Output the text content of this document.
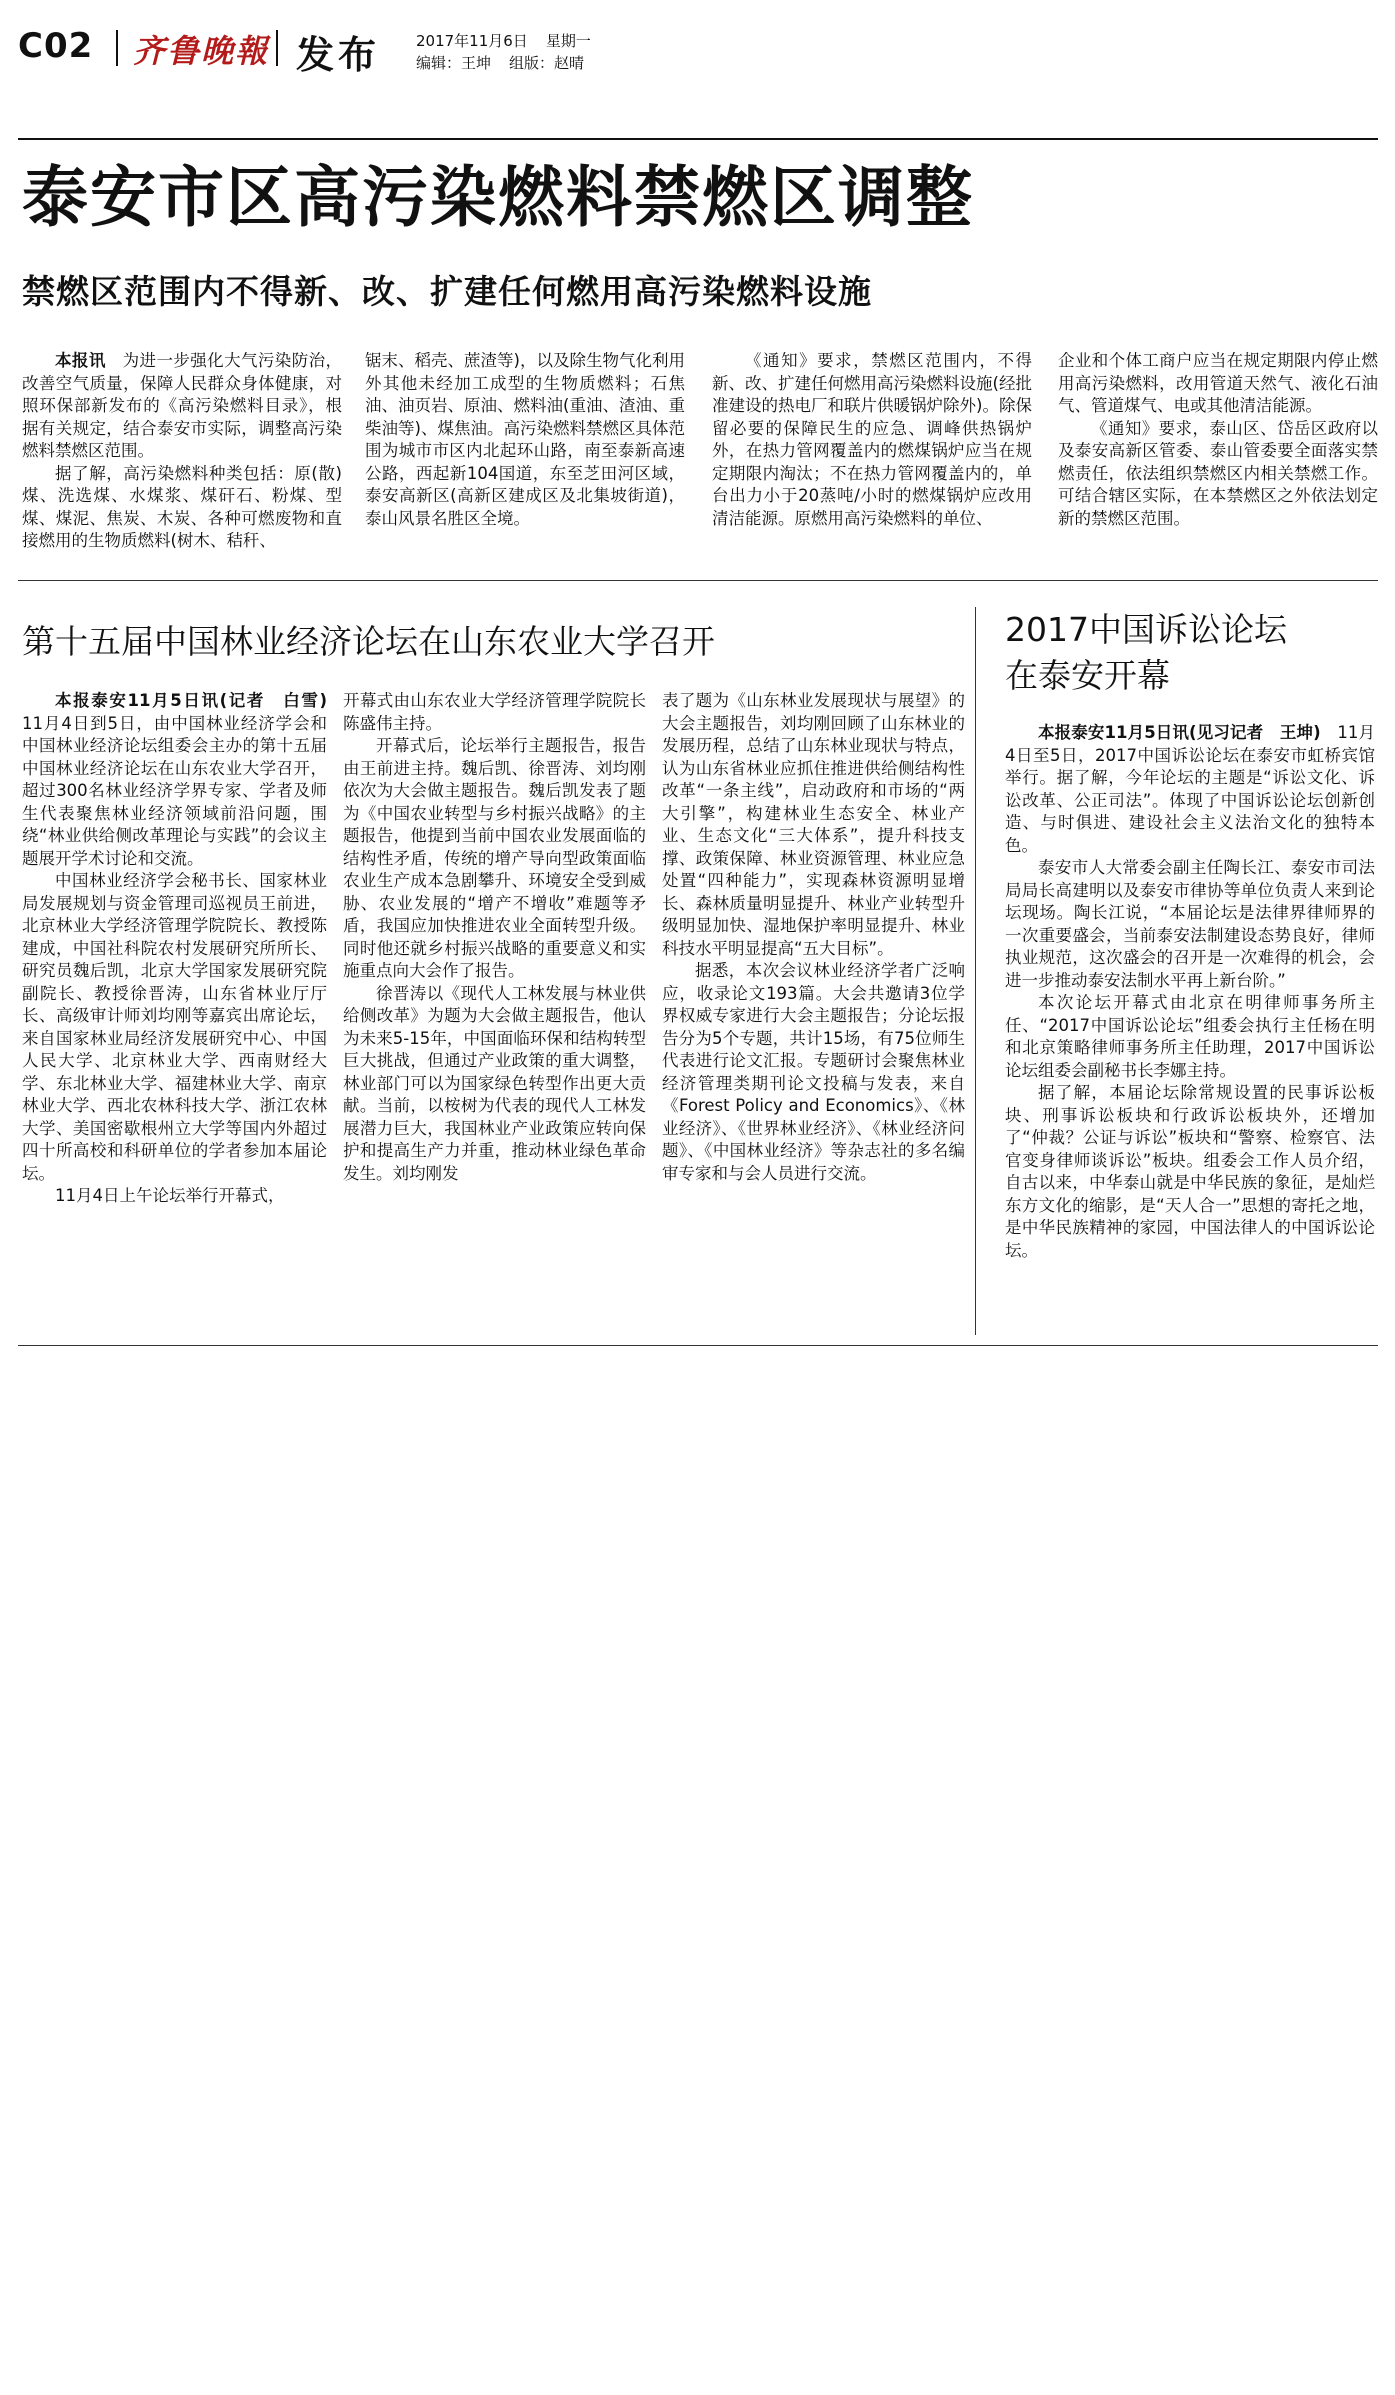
C02 齐鲁晚報 发布 2017年11月6日 星期一
编辑：王坤 组版：赵晴
泰安市区高污染燃料禁燃区调整
禁燃区范围内不得新、改、扩建任何燃用高污染燃料设施

本报讯　 为进一步强化大气污染防治，改善空气质量，保障人民群众身体健康，对照环保部新发布的《高污染燃料目录》，根据有关规定，结合泰安市实际，调整高污染燃料禁燃区范围。

据了解，高污染燃料种类包括：原(散)煤、洗选煤、水煤浆、煤矸石、粉煤、型煤、煤泥、焦炭、木炭、各种可燃废物和直接燃用的生物质燃料(树木、秸秆、

锯末、稻壳、蔗渣等)，以及除生物气化利用外其他未经加工成型的生物质燃料；石焦油、油页岩、原油、燃料油(重油、渣油、重柴油等)、煤焦油。高污染燃料禁燃区具体范围为城市市区内北起环山路，南至泰新高速公路，西起新104国道，东至芝田河区域，泰安高新区(高新区建成区及北集坡街道)，泰山风景名胜区全境。

《通知》要求，禁燃区范围内，不得新、改、扩建任何燃用高污染燃料设施(经批准建设的热电厂和联片供暖锅炉除外)。除保留必要的保障民生的应急、调峰供热锅炉外，在热力管网覆盖内的燃煤锅炉应当在规定期限内淘汰；不在热力管网覆盖内的，单台出力小于20蒸吨/小时的燃煤锅炉应改用清洁能源。原燃用高污染燃料的单位、

企业和个体工商户应当在规定期限内停止燃用高污染燃料，改用管道天然气、液化石油气、管道煤气、电或其他清洁能源。

《通知》要求，泰山区、岱岳区政府以及泰安高新区管委、泰山管委要全面落实禁燃责任，依法组织禁燃区内相关禁燃工作。可结合辖区实际，在本禁燃区之外依法划定新的禁燃区范围。

第十五届中国林业经济论坛在山东农业大学召开

本报泰安11月5日讯(记者　白雪)　11月4日到5日，由中国林业经济学会和中国林业经济论坛组委会主办的第十五届中国林业经济论坛在山东农业大学召开，超过300名林业经济学界专家、学者及师生代表聚焦林业经济领域前沿问题，围绕“林业供给侧改革理论与实践”的会议主题展开学术讨论和交流。

中国林业经济学会秘书长、国家林业局发展规划与资金管理司巡视员王前进，北京林业大学经济管理学院院长、教授陈建成，中国社科院农村发展研究所所长、研究员魏后凯，北京大学国家发展研究院副院长、教授徐晋涛，山东省林业厅厅长、高级审计师刘均刚等嘉宾出席论坛，来自国家林业局经济发展研究中心、中国人民大学、北京林业大学、西南财经大学、东北林业大学、福建林业大学、南京林业大学、西北农林科技大学、浙江农林大学、美国密歇根州立大学等国内外超过四十所高校和科研单位的学者参加本届论坛。

11月4日上午论坛举行开幕式，

开幕式由山东农业大学经济管理学院院长陈盛伟主持。

开幕式后，论坛举行主题报告，报告由王前进主持。魏后凯、徐晋涛、刘均刚依次为大会做主题报告。魏后凯发表了题为《中国农业转型与乡村振兴战略》的主题报告，他提到当前中国农业发展面临的结构性矛盾，传统的增产导向型政策面临农业生产成本急剧攀升、环境安全受到威胁、农业发展的“增产不增收”难题等矛盾，我国应加快推进农业全面转型升级。同时他还就乡村振兴战略的重要意义和实施重点向大会作了报告。

徐晋涛以《现代人工林发展与林业供给侧改革》为题为大会做主题报告，他认为未来5-15年，中国面临环保和结构转型巨大挑战，但通过产业政策的重大调整，林业部门可以为国家绿色转型作出更大贡献。当前，以桉树为代表的现代人工林发展潜力巨大，我国林业产业政策应转向保护和提高生产力并重，推动林业绿色革命发生。刘均刚发

表了题为《山东林业发展现状与展望》的大会主题报告，刘均刚回顾了山东林业的发展历程，总结了山东林业现状与特点，认为山东省林业应抓住推进供给侧结构性改革“一条主线”，启动政府和市场的“两大引擎”，构建林业生态安全、林业产业、生态文化“三大体系”，提升科技支撑、政策保障、林业资源管理、林业应急处置“四种能力”，实现森林资源明显增长、森林质量明显提升、林业产业转型升级明显加快、湿地保护率明显提升、林业科技水平明显提高“五大目标”。

据悉，本次会议林业经济学者广泛响应，收录论文193篇。大会共邀请3位学界权威专家进行大会主题报告；分论坛报告分为5个专题，共计15场，有75位师生代表进行论文汇报。专题研讨会聚焦林业经济管理类期刊论文投稿与发表，来自《Forest Policy and Economics》、《林业经济》、《世界林业经济》、《林业经济问题》、《中国林业经济》等杂志社的多名编审专家和与会人员进行交流。

2017中国诉讼论坛
在泰安开幕

本报泰安11月5日讯(见习记者　王坤)　 11月4日至5日，2017中国诉讼论坛在泰安市虹桥宾馆举行。据了解，今年论坛的主题是“诉讼文化、诉讼改革、公正司法”。体现了中国诉讼论坛创新创造、与时俱进、建设社会主义法治文化的独特本色。

泰安市人大常委会副主任陶长江、泰安市司法局局长高建明以及泰安市律协等单位负责人来到论坛现场。陶长江说，“本届论坛是法律界律师界的一次重要盛会，当前泰安法制建设态势良好，律师执业规范，这次盛会的召开是一次难得的机会，会进一步推动泰安法制水平再上新台阶。”

本次论坛开幕式由北京在明律师事务所主任、“2017中国诉讼论坛”组委会执行主任杨在明和北京策略律师事务所主任助理，2017中国诉讼论坛组委会副秘书长李娜主持。

据了解，本届论坛除常规设置的民事诉讼板块、刑事诉讼板块和行政诉讼板块外，还增加了“仲裁？公证与诉讼”板块和“警察、检察官、法官变身律师谈诉讼”板块。组委会工作人员介绍，自古以来，中华泰山就是中华民族的象征，是灿烂东方文化的缩影，是“天人合一”思想的寄托之地，是中华民族精神的家园，中国法律人的中国诉讼论坛。
